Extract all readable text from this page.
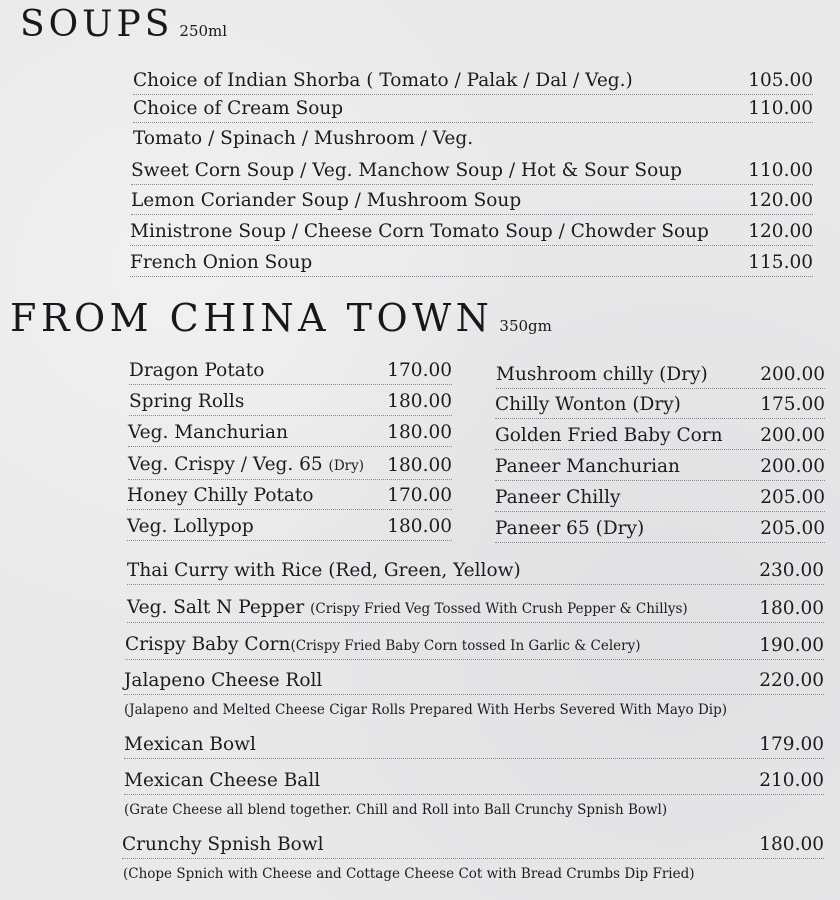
SOUPS 250ml
Choice of Indian Shorba ( Tomato / Palak / Dal / Veg.)	105.00
Choice of Cream Soup	110.00
Tomato / Spinach / Mushroom / Veg.
Sweet Corn Soup / Veg. Manchow Soup / Hot & Sour Soup	110.00
Lemon Coriander Soup / Mushroom Soup	120.00
Ministrone Soup / Cheese Corn Tomato Soup / Chowder Soup 120.00
French Onion Soup	115.00
FROM CHINA TOWN 350gm
Dragon Potato	170.00
Spring Rolls	180.00
Veg. Manchurian	180.00
Veg. Crispy / Veg. 65 (Dry) 180.00
Honey Chilly Potato	170.00
Veg. Lollypop	180.00
Mushroom chilly (Dry)	200.00
Chilly Wonton (Dry)	175.00
Golden Fried Baby Corn 200.00
Paneer Manchurian	200.00
Paneer Chilly	205.00
Paneer 65 (Dry)	205.00
Thai Curry with Rice (Red, Green, Yellow)	230.00
Veg. Salt N Pepper (Crispy Fried Veg Tossed With Crush Pepper & Chillys)	180.00
Crispy Baby Corn(Crispy Fried Baby Corn tossed In Garlic & Celery)	190.00
Jalapeno Cheese Roll	220.00
(Jalapeno and Melted Cheese Cigar Rolls Prepared With Herbs Severed With Mayo Dip)
Mexican Bowl	179.00
Mexican Cheese Ball	210.00
(Grate Cheese all blend together. Chill and Roll into Ball Crunchy Spnish Bowl)
Crunchy Spnish Bowl	180.00
(Chope Spnich with Cheese and Cottage Cheese Cot with Bread Crumbs Dip Fried)
